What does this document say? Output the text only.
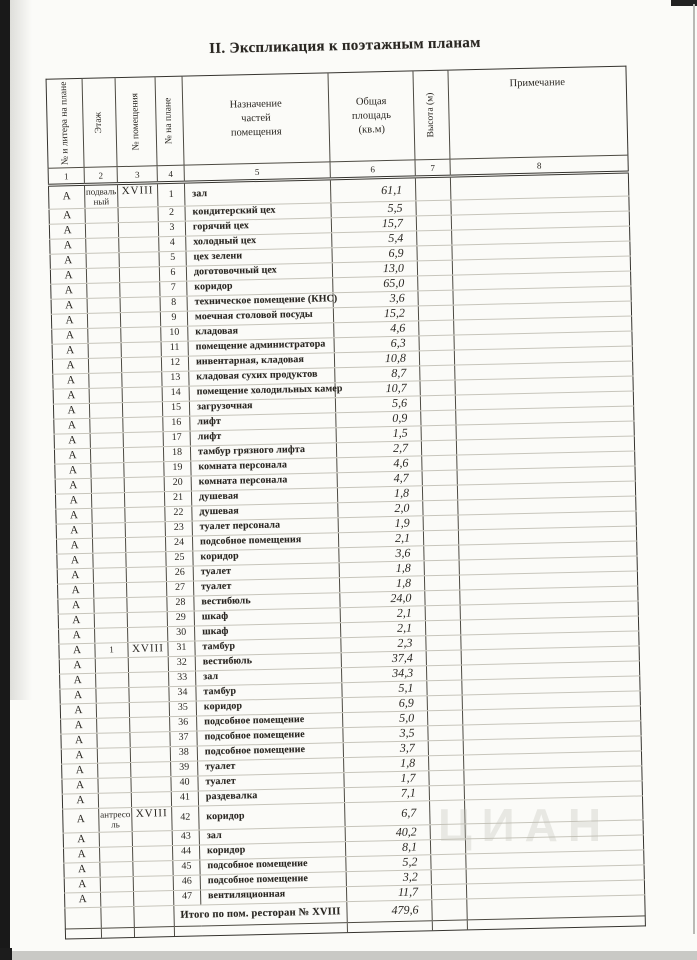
ЦИАН
II. Экспликация к поэтажным планам
№ и литера на плане	Этаж	№ помещения	№ на плане	Назначение частей помещения	Общая площадь (кв.м)	Высота (м)	Примечание

1	2	3	4	5	6	7	8
А	подвальный	XVIII	1	зал	61,1		
А			2	кондитерский цех	5,5		
А			3	горячий цех	15,7		
А			4	холодный цех	5,4		
А			5	цех зелени	6,9		
А			6	доготовочный цех	13,0		
А			7	коридор	65,0		
А			8	техническое помещение (КНС)	3,6		
А			9	моечная столовой посуды	15,2		
А			10	кладовая	4,6		
А			11	помещение администратора	6,3		
А			12	инвентарная, кладовая	10,8		
А			13	кладовая сухих продуктов	8,7		
А			14	помещение холодильных камер	10,7		
А			15	загрузочная	5,6		
А			16	лифт	0,9		
А			17	лифт	1,5		
А			18	тамбур грязного лифта	2,7		
А			19	комната персонала	4,6		
А			20	комната персонала	4,7		
А			21	душевая	1,8		
А			22	душевая	2,0		
А			23	туалет персонала	1,9		
А			24	подсобное помещения	2,1		
А			25	коридор	3,6		
А			26	туалет	1,8		
А			27	туалет	1,8		
А			28	вестибюль	24,0		
А			29	шкаф	2,1		
А			30	шкаф	2,1		
А	1	XVIII	31	тамбур	2,3		
А			32	вестибюль	37,4		
А			33	зал	34,3		
А			34	тамбур	5,1		
А			35	коридор	6,9		
А			36	подсобное помещение	5,0		
А			37	подсобное помещение	3,5		
А			38	подсобное помещение	3,7		
А			39	туалет	1,8		
А			40	туалет	1,7		
А			41	раздевалка	7,1		
А	антресоль	XVIII	42	коридор	6,7		
А			43	зал	40,2		
А			44	коридор	8,1		
А			45	подсобное помещение	5,2		
А			46	подсобное помещение	3,2		
А			47	вентиляционная	11,7		
			Итого по пом. ресторан № XVIII		479,6		
